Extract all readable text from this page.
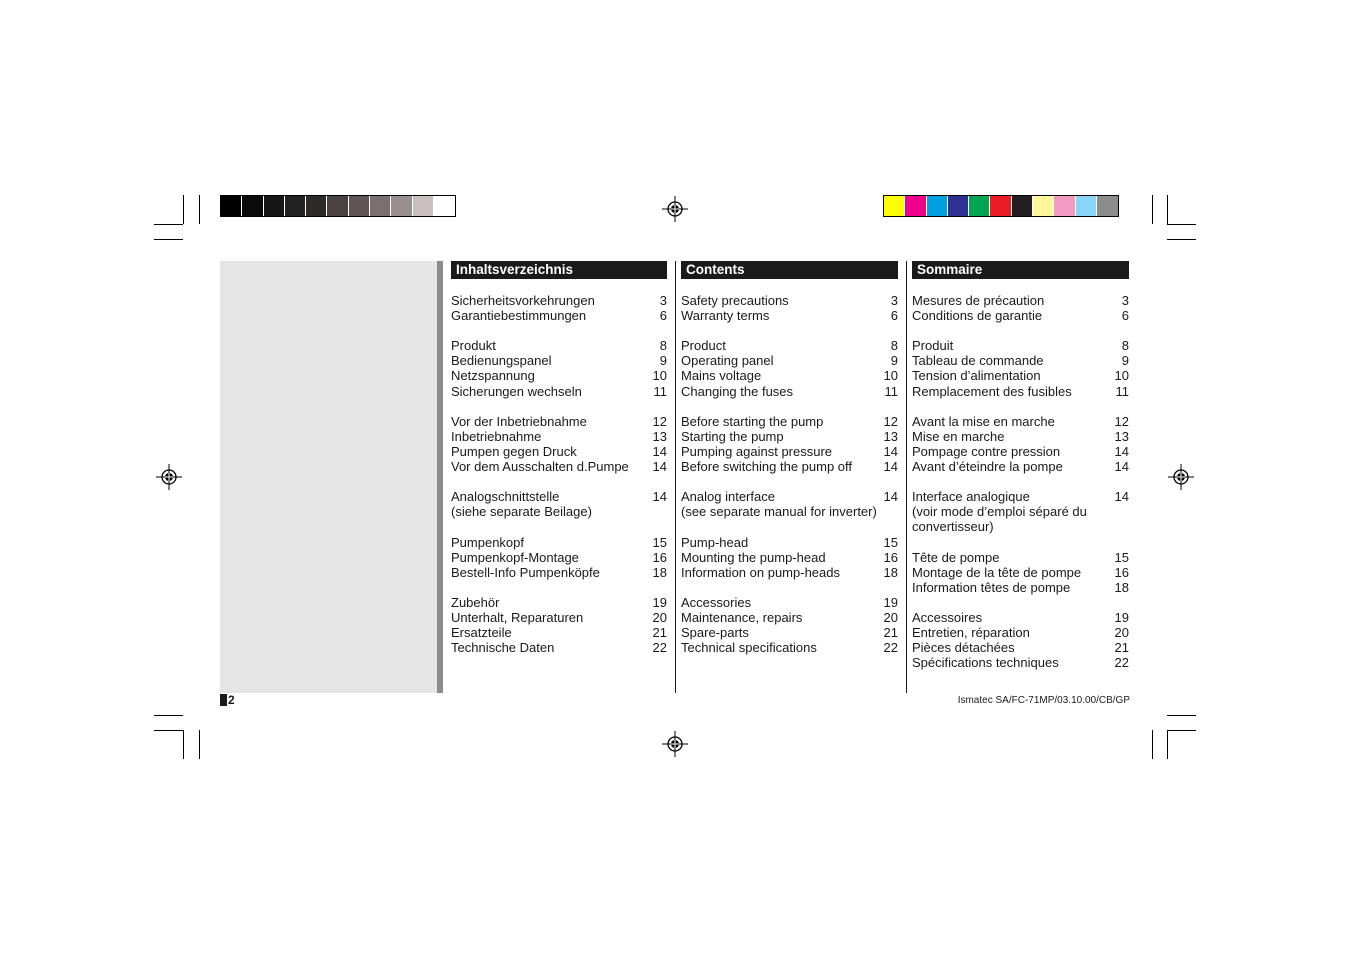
Inhaltsverzeichnis
Sicherheitsvorkehrungen	3
Garantiebestimmungen	6
Produkt	8
Bedienungspanel	9
Netzspannung	10
Sicherungen wechseln	11
Vor der Inbetriebnahme	12
Inbetriebnahme	13
Pumpen gegen Druck	14
Vor dem Ausschalten d.Pumpe	14
Analogschnittstelle	14
(siehe separate Beilage)
Pumpenkopf	15
Pumpenkopf-Montage	16
Bestell-Info Pumpenköpfe	18
Zubehör	19
Unterhalt, Reparaturen	20
Ersatzteile	21
Technische Daten	22
Contents
Safety precautions	3
Warranty terms	6
Product	8
Operating panel	9
Mains voltage	10
Changing the fuses	11
Before starting the pump	12
Starting the pump	13
Pumping against pressure	14
Before switching the pump off	14
Analog interface	14
(see separate manual for inverter)
Pump-head	15
Mounting the pump-head	16
Information on pump-heads	18
Accessories	19
Maintenance, repairs	20
Spare-parts	21
Technical specifications	22
Sommaire
Mesures de précaution	3
Conditions de garantie	6
Produit	8
Tableau de commande	9
Tension d’alimentation	10
Remplacement des fusibles	11
Avant la mise en marche	12
Mise en marche	13
Pompage contre pression	14
Avant d’éteindre la pompe	14
Interface analogique	14
(voir mode d’emploi séparé du
convertisseur)
Tête de pompe	15
Montage de la tête de pompe	16
Information têtes de pompe	18
Accessoires	19
Entretien, réparation	20
Pièces détachées	21
Spécifications techniques	22
2	Ismatec SA/FC-71MP/03.10.00/CB/GP
